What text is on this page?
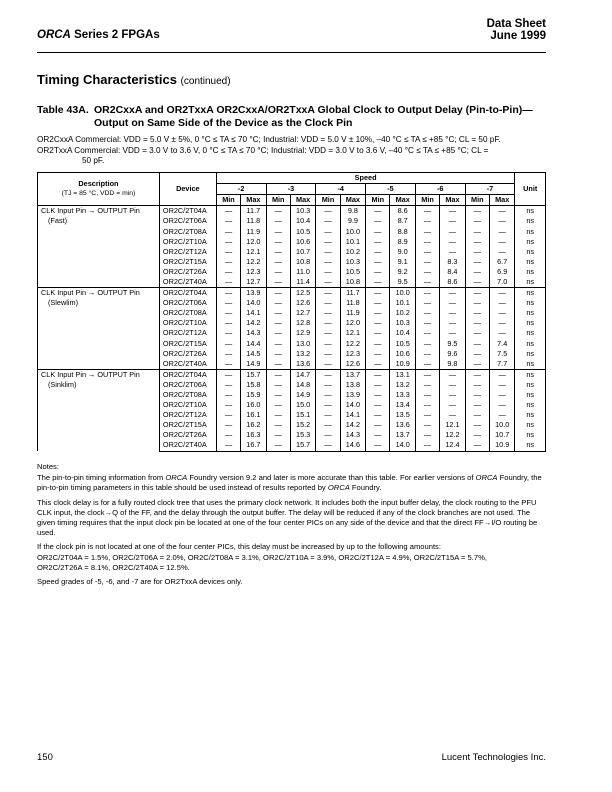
ORCA Series 2 FPGAs
Data Sheet
June 1999
Timing Characteristics (continued)
Table 43A. OR2CxxA and OR2TxxA OR2CxxA/OR2TxxA Global Clock to Output Delay (Pin-to-Pin)—Output on Same Side of the Device as the Clock Pin
OR2CxxA Commercial: VDD = 5.0 V ± 5%, 0 °C ≤ TA ≤ 70 °C; Industrial: VDD = 5.0 V ± 10%, –40 °C ≤ TA ≤ +85 °C; CL = 50 pF.
OR2TxxA Commercial: VDD = 3.0 V to 3.6 V, 0 °C ≤ TA ≤ 70 °C; Industrial: VDD = 3.0 V to 3.6 V, –40 °C ≤ TA ≤ +85 °C; CL =
50 pF.
Description
(TJ = 85 °C, VDD = min)	Device	Speed												Unit
		-2		-3		-4		-5		-6		-7		
		Min	Max	Min	Max	Min	Max	Min	Max	Min	Max	Min	Max	

CLK Input Pin → OUTPUT Pin
(Fast)	OR2C/2T04A	—	11.7	—	10.3	—	9.8	—	8.6	—	—	—	—	ns
	OR2C/2T06A	—	11.8	—	10.4	—	9.9	—	8.7	—	—	—	—	ns
	OR2C/2T08A	—	11.9	—	10.5	—	10.0	—	8.8	—	—	—	—	ns
	OR2C/2T10A	—	12.0	—	10.6	—	10.1	—	8.9	—	—	—	—	ns
	OR2C/2T12A	—	12.1	—	10.7	—	10.2	—	9.0	—	—	—	—	ns
	OR2C/2T15A	—	12.2	—	10.8	—	10.3	—	9.1	—	8.3	—	6.7	ns
	OR2C/2T26A	—	12.3	—	11.0	—	10.5	—	9.2	—	8.4	—	6.9	ns
	OR2C/2T40A	—	12.7	—	11.4	—	10.8	—	9.5	—	8.6	—	7.0	ns

CLK Input Pin → OUTPUT Pin
(Slewlim)	OR2C/2T04A	—	13.9	—	12.5	—	11.7	—	10.0	—	—	—	—	ns
	OR2C/2T06A	—	14.0	—	12.6	—	11.8	—	10.1	—	—	—	—	ns
	OR2C/2T08A	—	14.1	—	12.7	—	11.9	—	10.2	—	—	—	—	ns
	OR2C/2T10A	—	14.2	—	12.8	—	12.0	—	10.3	—	—	—	—	ns
	OR2C/2T12A	—	14.3	—	12.9	—	12.1	—	10.4	—	—	—	—	ns
	OR2C/2T15A	—	14.4	—	13.0	—	12.2	—	10.5	—	9.5	—	7.4	ns
	OR2C/2T26A	—	14.5	—	13.2	—	12.3	—	10.6	—	9.6	—	7.5	ns
	OR2C/2T40A	—	14.9	—	13.6	—	12.6	—	10.9	—	9.8	—	7.7	ns

CLK Input Pin → OUTPUT Pin
(Sinklim)	OR2C/2T04A	—	15.7	—	14.7	—	13.7	—	13.1	—	—	—	—	ns
	OR2C/2T06A	—	15.8	—	14.8	—	13.8	—	13.2	—	—	—	—	ns
	OR2C/2T08A	—	15.9	—	14.9	—	13.9	—	13.3	—	—	—	—	ns
	OR2C/2T10A	—	16.0	—	15.0	—	14.0	—	13.4	—	—	—	—	ns
	OR2C/2T12A	—	16.1	—	15.1	—	14.1	—	13.5	—	—	—	—	ns
	OR2C/2T15A	—	16.2	—	15.2	—	14.2	—	13.6	—	12.1	—	10.0	ns
	OR2C/2T26A	—	16.3	—	15.3	—	14.3	—	13.7	—	12.2	—	10.7	ns
	OR2C/2T40A	—	16.7	—	15.7	—	14.6	—	14.0	—	12.4	—	10.9	ns

Notes:

The pin-to-pin timing information from ORCA Foundry version 9.2 and later is more accurate than this table. For earlier versions of ORCA Foundry, the pin-to-pin timing parameters in this table should be used instead of results reported by ORCA Foundry.

This clock delay is for a fully routed clock tree that uses the primary clock network. It includes both the input buffer delay, the clock routing to the PFU CLK input, the clock→Q of the FF, and the delay through the output buffer. The delay will be reduced if any of the clock branches are not used. The given timing requires that the input clock pin be located at one of the four center PICs on any side of the device and that the direct FF→I/O routing be used.

If the clock pin is not located at one of the four center PICs, this delay must be increased by up to the following amounts:
OR2C/2T04A = 1.5%, OR2C/2T06A = 2.0%, OR2C/2T08A = 3.1%, OR2C/2T10A = 3.9%, OR2C/2T12A = 4.9%, OR2C/2T15A = 5.7%,
OR2C/2T26A = 8.1%, OR2C/2T40A = 12.5%.

Speed grades of -5, -6, and -7 are for OR2TxxA devices only.

150	Lucent Technologies Inc.
